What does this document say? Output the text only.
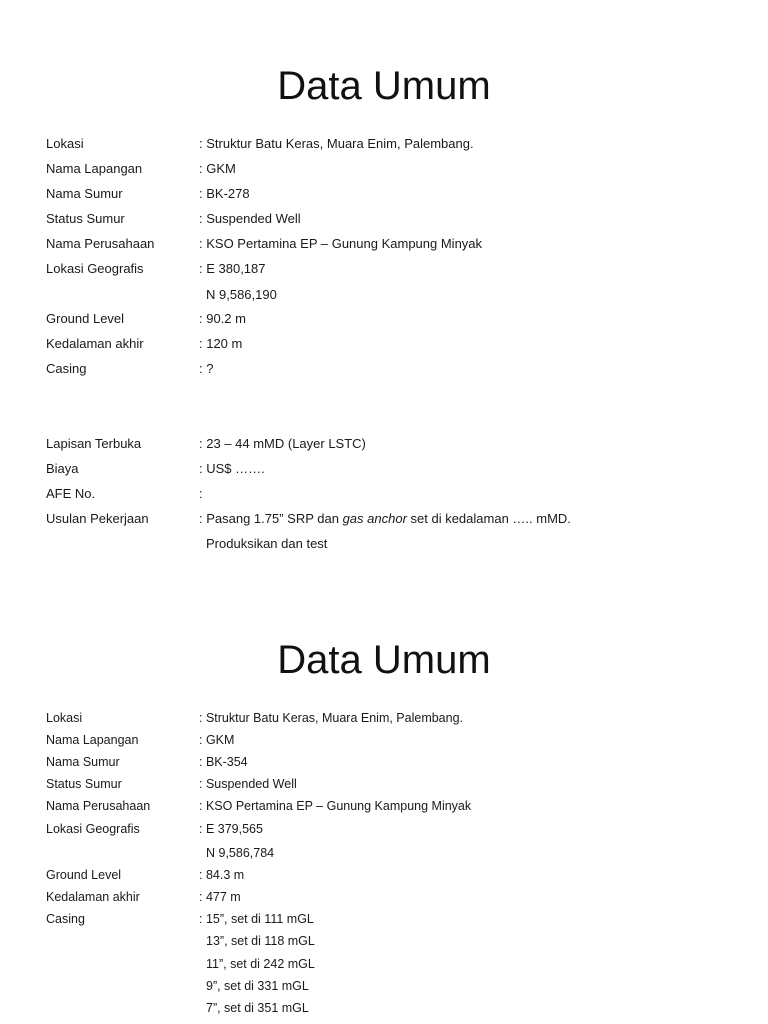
Data Umum
Lokasi	: Struktur Batu Keras, Muara Enim, Palembang.
Nama Lapangan	: GKM
Nama Sumur	: BK-278
Status Sumur	: Suspended Well
Nama Perusahaan	: KSO Pertamina EP – Gunung Kampung Minyak
Lokasi Geografis	: E 380,187
N 9,586,190
Ground Level	: 90.2 m
Kedalaman akhir	: 120 m
Casing	: ?
Lapisan Terbuka	: 23 – 44 mMD (Layer LSTC)
Biaya	: US$ …….
AFE No.	:
Usulan Pekerjaan	: Pasang 1.75” SRP dan gas anchor set di kedalaman ….. mMD.
Produksikan dan test
Data Umum
Lokasi	: Struktur Batu Keras, Muara Enim, Palembang.
Nama Lapangan	: GKM
Nama Sumur	: BK-354
Status Sumur	: Suspended Well
Nama Perusahaan	: KSO Pertamina EP – Gunung Kampung Minyak
Lokasi Geografis	: E 379,565
N 9,586,784
Ground Level	: 84.3 m
Kedalaman akhir	: 477 m
Casing	: 15”, set di 111 mGL
13”, set di 118 mGL
11”, set di 242 mGL
9”, set di 331 mGL
7”, set di 351 mGL
